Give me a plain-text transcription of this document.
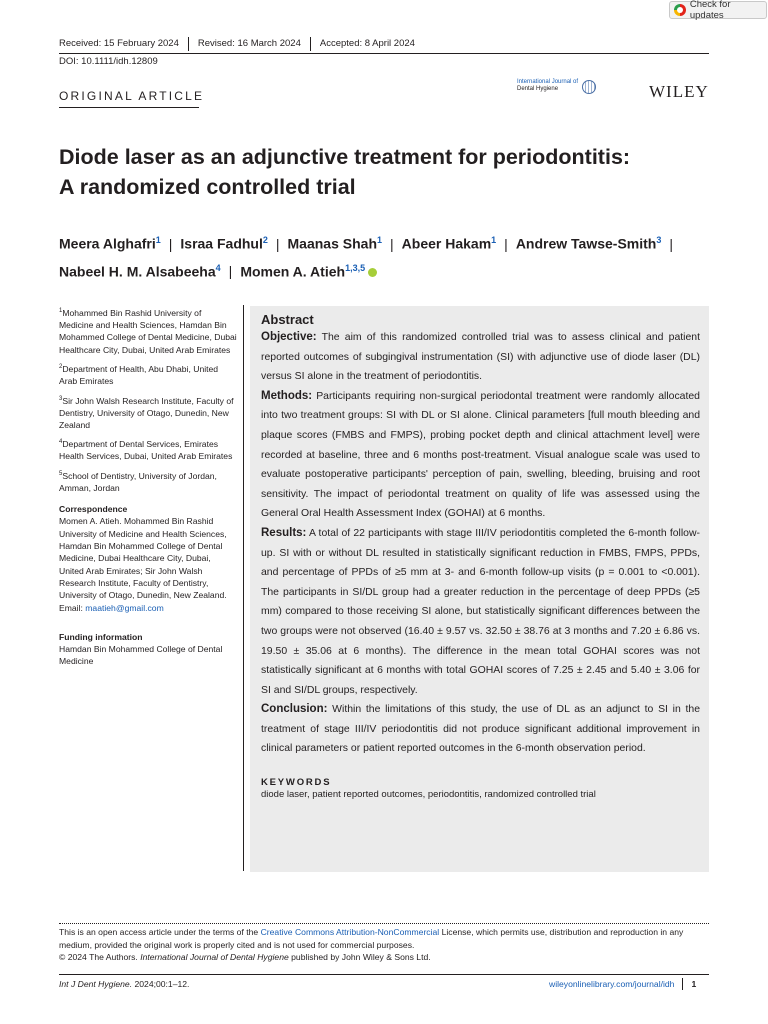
Check for updates
Received: 15 February 2024	Revised: 16 March 2024	Accepted: 8 April 2024
DOI: 10.1111/idh.12809
ORIGINAL ARTICLE
International Journal of
Dental Hygiene	WILEY
Diode laser as an adjunctive treatment for periodontitis:
A randomized controlled trial
Meera Alghafri$^1$ | Israa Fadhul$^2$ | Maanas Shah$^1$ | Abeer Hakam$^1$ | Andrew Tawse-Smith$^3$ |
Nabeel H. M. Alsabeeha$^4$ | Momen A. Atieh$^{1,3,5}$

$^1$Mohammed Bin Rashid University of Medicine and Health Sciences, Hamdan Bin Mohammed College of Dental Medicine, Dubai Healthcare City, Dubai, United Arab Emirates

$^2$Department of Health, Abu Dhabi, United Arab Emirates

$^3$Sir John Walsh Research Institute, Faculty of Dentistry, University of Otago, Dunedin, New Zealand

$^4$Department of Dental Services, Emirates Health Services, Dubai, United Arab Emirates

$^5$School of Dentistry, University of Jordan, Amman, Jordan

Correspondence

Momen A. Atieh. Mohammed Bin Rashid University of Medicine and Health Sciences, Hamdan Bin Mohammed College of Dental Medicine, Dubai Healthcare City, Dubai, United Arab Emirates; Sir John Walsh Research Institute, Faculty of Dentistry, University of Otago, Dunedin, New Zealand.

Email: maatieh@gmail.com

Funding information

Hamdan Bin Mohammed College of Dental Medicine

Abstract

Objective: The aim of this randomized controlled trial was to assess clinical and patient reported outcomes of subgingival instrumentation (SI) with adjunctive use of diode laser (DL) versus SI alone in the treatment of periodontitis.

Methods: Participants requiring non-surgical periodontal treatment were randomly allocated into two treatment groups: SI with DL or SI alone. Clinical parameters [full mouth bleeding and plaque scores (FMBS and FMPS), probing pocket depth and clinical attachment level] were recorded at baseline, three and 6 months post-treatment. Visual analogue scale was used to evaluate postoperative participants' perception of pain, swelling, bleeding, bruising and root sensitivity. The impact of periodontal treatment on quality of life was assessed using the General Oral Health Assessment Index (GOHAI) at 6 months.

Results: A total of 22 participants with stage III/IV periodontitis completed the 6-month follow-up. SI with or without DL resulted in statistically significant reduction in FMBS, FMPS, PPDs, and percentage of PPDs of ≥5 mm at 3- and 6-month follow-up visits (p = 0.001 to <0.001). The participants in SI/DL group had a greater reduction in the percentage of deep PPDs (≥5 mm) compared to those receiving SI alone, but statistically significant differences between the two groups were not observed (16.40 ± 9.57 vs. 32.50 ± 38.76 at 3 months and 7.20 ± 6.86 vs. 19.50 ± 35.06 at 6 months). The difference in the mean total GOHAI scores was not statistically significant at 6 months with total GOHAI scores of 7.25 ± 2.45 and 5.40 ± 3.06 for SI and SI/DL groups, respectively.

Conclusion: Within the limitations of this study, the use of DL as an adjunct to SI in the treatment of stage III/IV periodontitis did not produce significant additional improvement in clinical parameters or patient reported outcomes in the 6-month observation period.

KEYWORDS
diode laser, patient reported outcomes, periodontitis, randomized controlled trial

This is an open access article under the terms of the Creative Commons Attribution-NonCommercial License, which permits use, distribution and reproduction in any medium, provided the original work is properly cited and is not used for commercial purposes.

© 2024 The Authors. International Journal of Dental Hygiene published by John Wiley & Sons Ltd.

Int J Dent Hygiene. 2024;00:1–12.	wileyonlinelibrary.com/journal/idh 1
